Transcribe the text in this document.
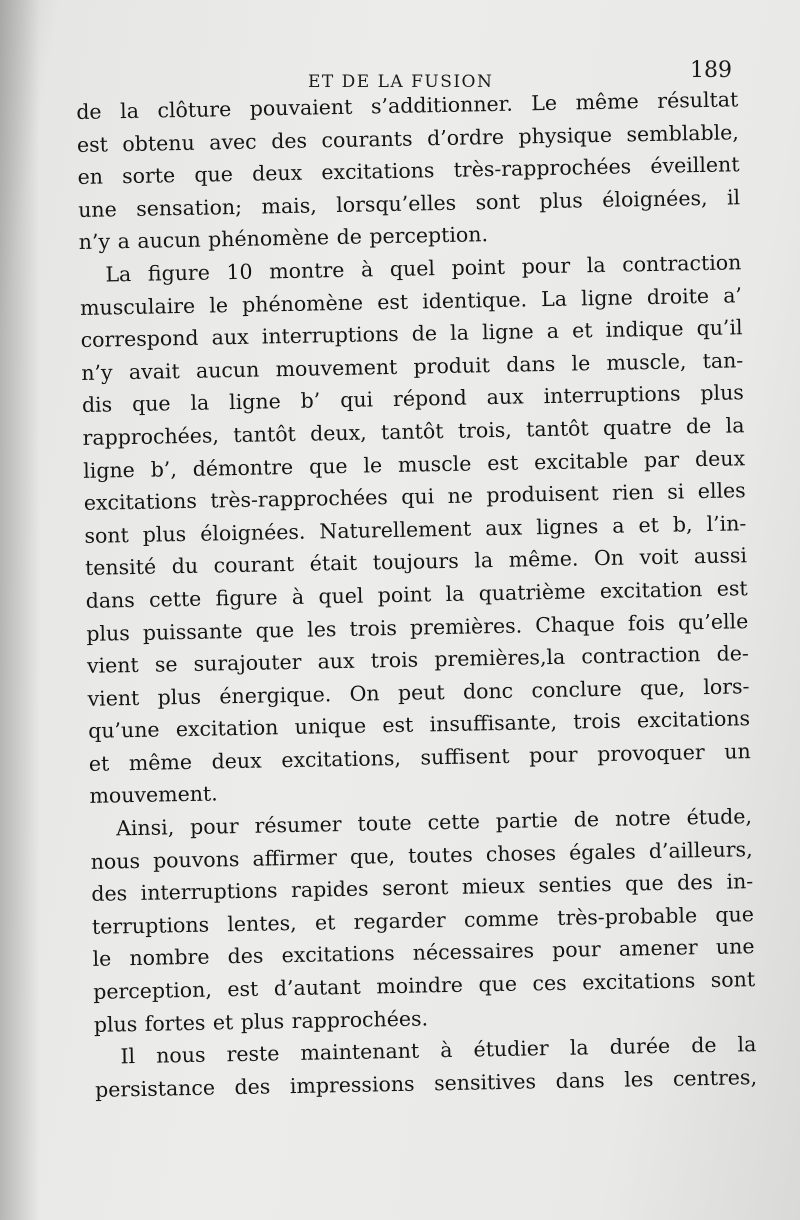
ET DE LA FUSION	189
de la clôture pouvaient s’additionner. Le même résultat
est obtenu avec des courants d’ordre physique semblable,
en sorte que deux excitations très-rapprochées éveillent
une sensation; mais, lorsqu’elles sont plus éloignées, il
n’y a aucun phénomène de perception.
La figure 10 montre à quel point pour la contraction
musculaire le phénomène est identique. La ligne droite a’
correspond aux interruptions de la ligne a et indique qu’il
n’y avait aucun mouvement produit dans le muscle, tan-
dis que la ligne b’ qui répond aux interruptions plus
rapprochées, tantôt deux, tantôt trois, tantôt quatre de la
ligne b’, démontre que le muscle est excitable par deux
excitations très-rapprochées qui ne produisent rien si elles
sont plus éloignées. Naturellement aux lignes a et b, l’in-
tensité du courant était toujours la même. On voit aussi
dans cette figure à quel point la quatrième excitation est
plus puissante que les trois premières. Chaque fois qu’elle
vient se surajouter aux trois premières,la contraction de-
vient plus énergique. On peut donc conclure que, lors-
qu’une excitation unique est insuffisante, trois excitations
et même deux excitations, suffisent pour provoquer un
mouvement.
Ainsi, pour résumer toute cette partie de notre étude,
nous pouvons affirmer que, toutes choses égales d’ailleurs,
des interruptions rapides seront mieux senties que des in-
terruptions lentes, et regarder comme très-probable que
le nombre des excitations nécessaires pour amener une
perception, est d’autant moindre que ces excitations sont
plus fortes et plus rapprochées.
Il nous reste maintenant à étudier la durée de la
persistance des impressions sensitives dans les centres,
